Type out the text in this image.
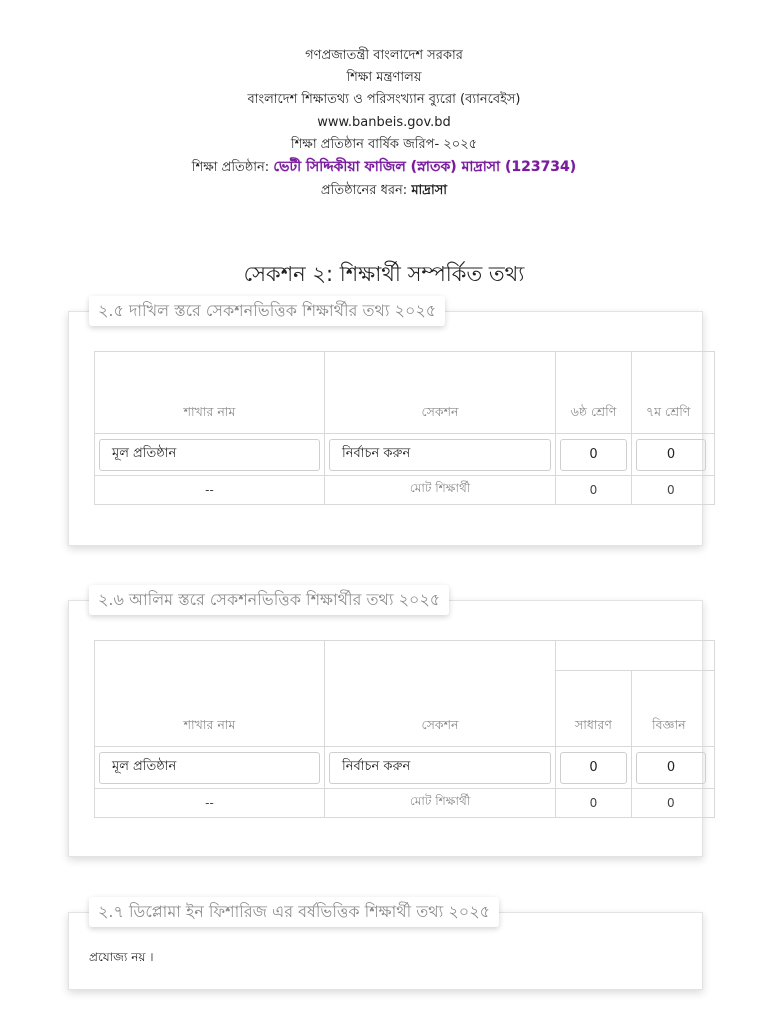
গণপ্রজাতন্ত্রী বাংলাদেশ সরকার
শিক্ষা মন্ত্রণালয়
বাংলাদেশ শিক্ষাতথ্য ও পরিসংখ্যান ব্যুরো (ব্যানবেইস)
www.banbeis.gov.bd
শিক্ষা প্রতিষ্ঠান বার্ষিক জরিপ- ২০২৫
শিক্ষা প্রতিষ্ঠান: ভেটী সিদ্দিকীয়া ফাজিল (স্নাতক) মাদ্রাসা (123734)
প্রতিষ্ঠানের ধরন: মাদ্রাসা
সেকশন ২: শিক্ষার্থী সম্পর্কিত তথ্য
২.৫ দাখিল স্তরে সেকশনভিত্তিক শিক্ষার্থীর তথ্য ২০২৫
শাখার নাম	সেকশন	৬ষ্ঠ শ্রেণি	৭ম শ্রেণি

মূল প্রতিষ্ঠান	নির্বাচন করুন	0	0

--	মোট শিক্ষার্থী	0	0
২.৬ আলিম স্তরে সেকশনভিত্তিক শিক্ষার্থীর তথ্য ২০২৫
শাখার নাম	সেকশন		
		সাধারণ	বিজ্ঞান

মূল প্রতিষ্ঠান	নির্বাচন করুন	0	0

--	মোট শিক্ষার্থী	0	0
২.৭ ডিপ্লোমা ইন ফিশারিজ এর বর্ষভিত্তিক শিক্ষার্থী তথ্য ২০২৫
প্রযোজ্য নয় ।
